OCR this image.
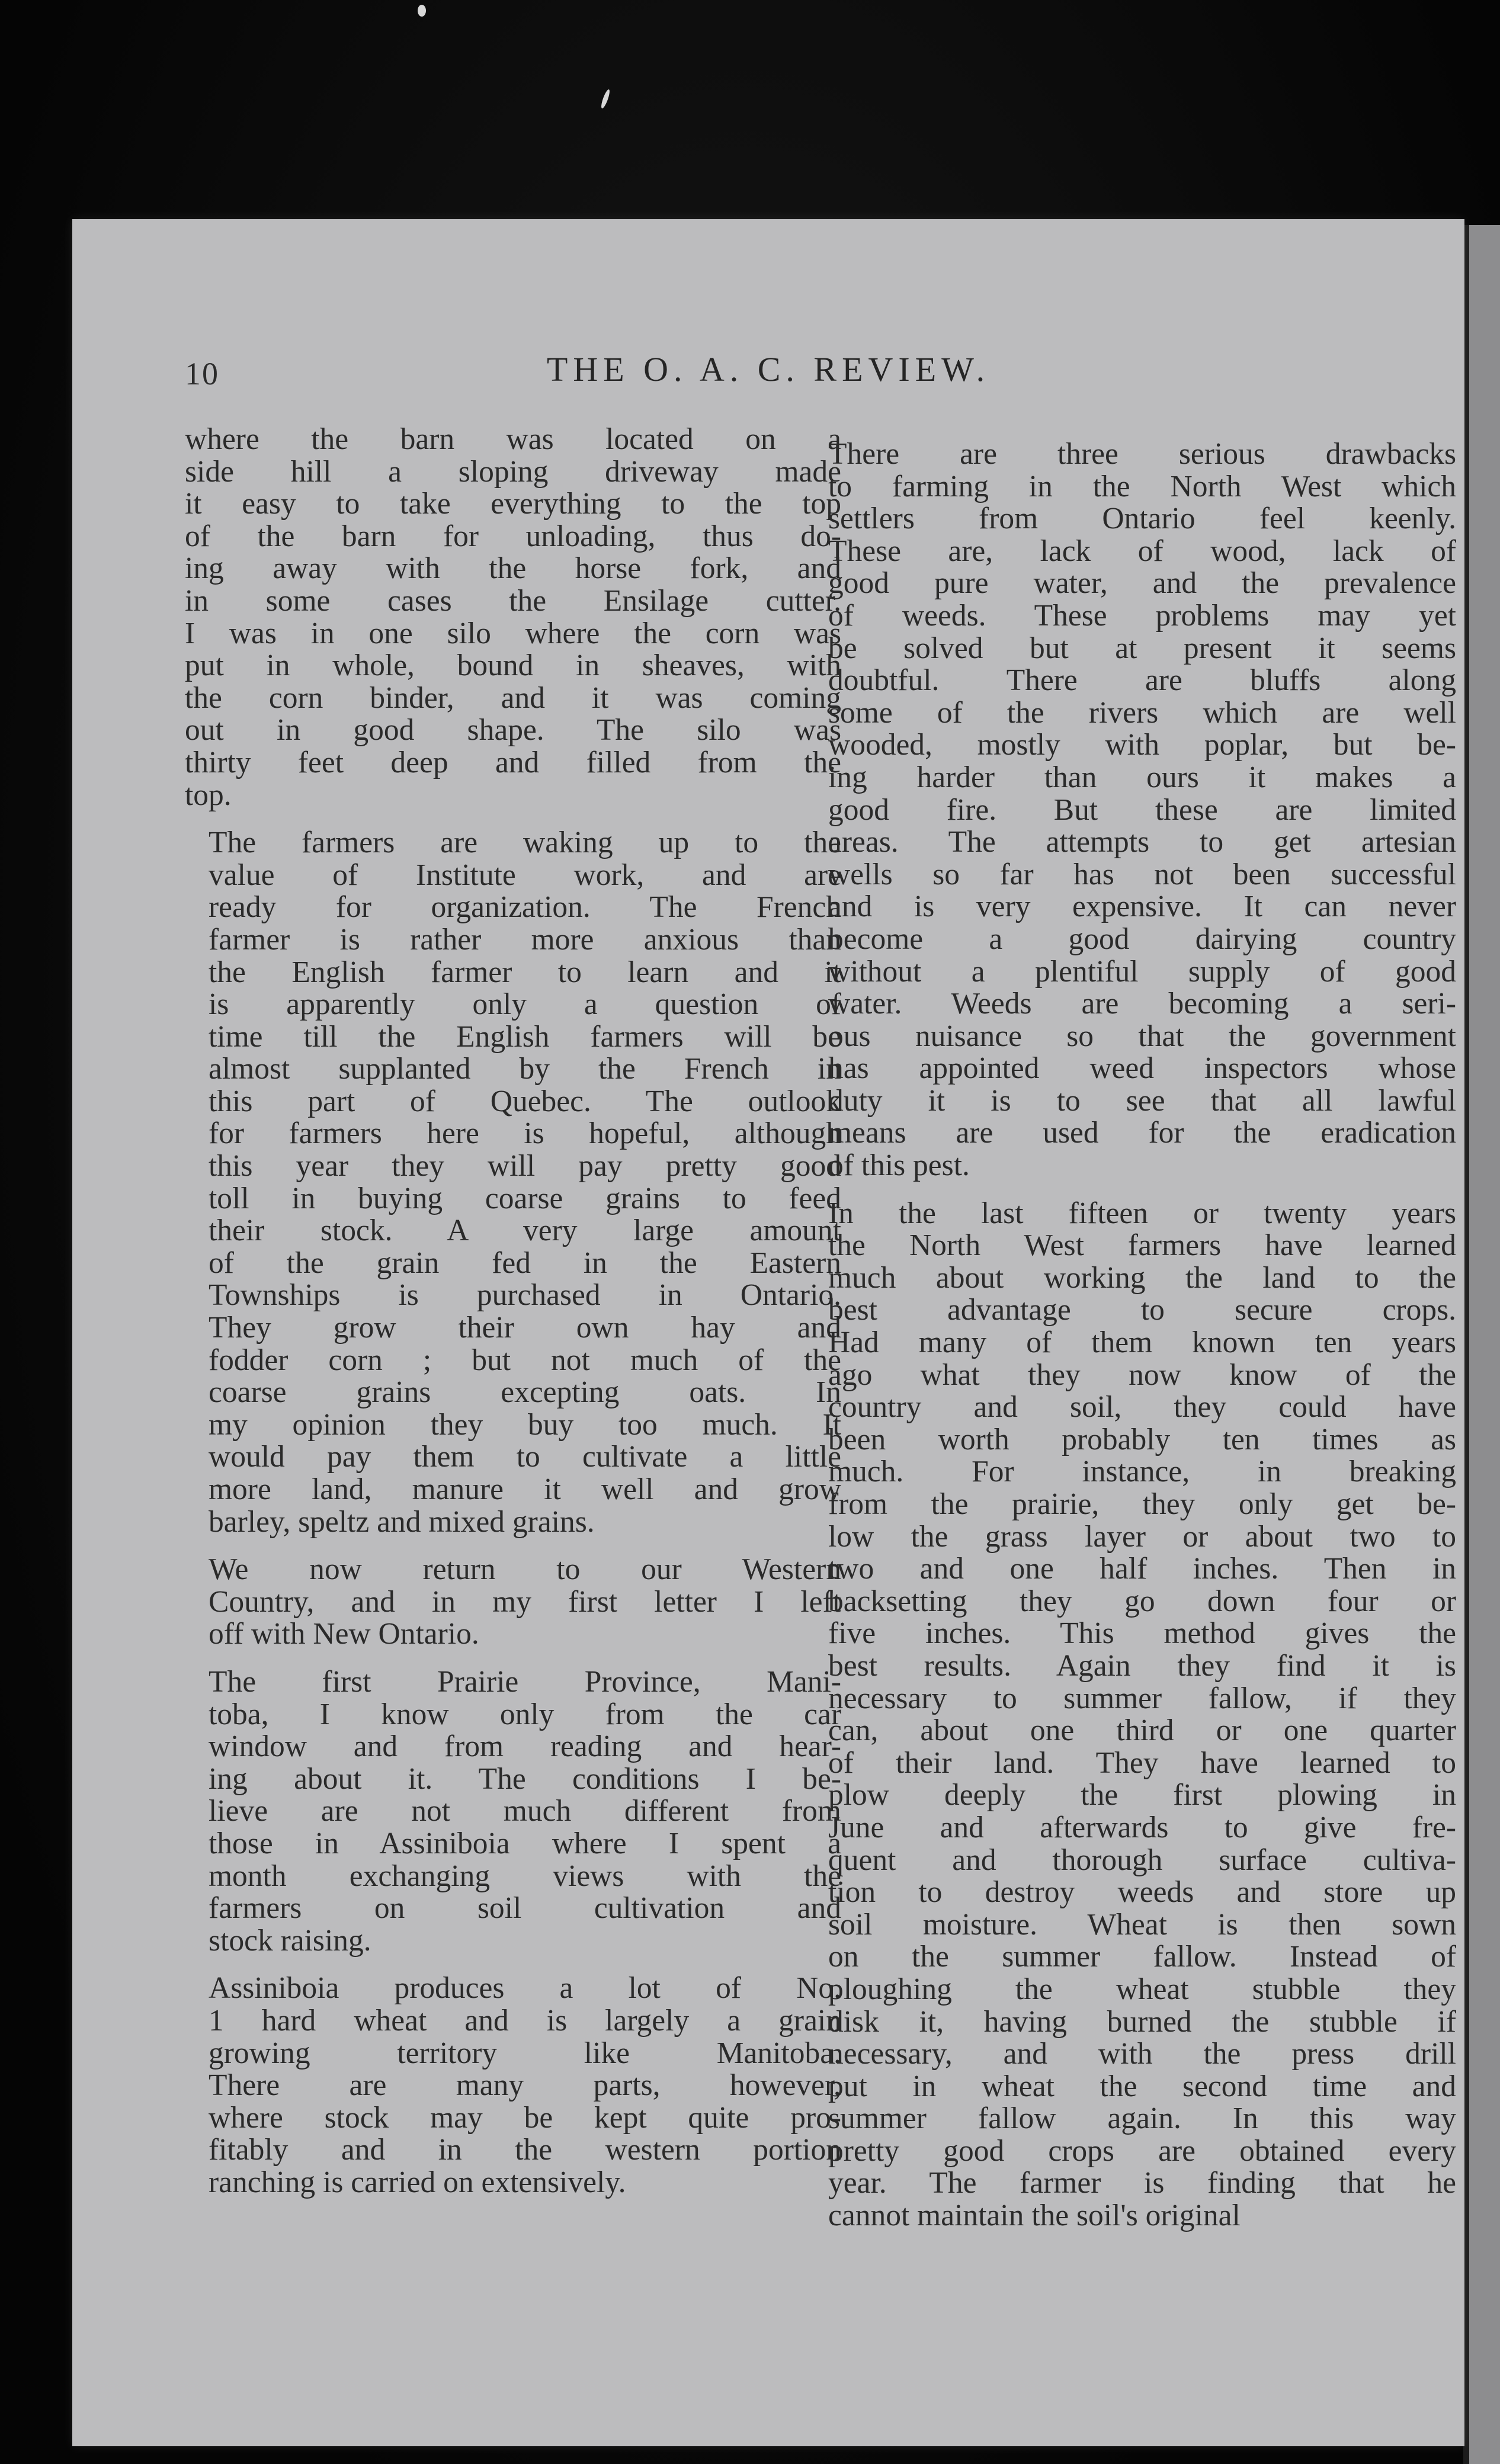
10	THE O. A. C. REVIEW.

where the barn was located on a
side hill a sloping driveway made
it easy to take everything to the top
of the barn for unloading, thus do-
ing away with the horse fork, and
in some cases the Ensilage cutter.
I was in one silo where the corn was
put in whole, bound in sheaves, with
the corn binder, and it was coming
out in good shape. The silo was
thirty feet deep and filled from the
top.

The farmers are waking up to the
value of Institute work, and are
ready for organization. The French
farmer is rather more anxious than
the English farmer to learn and it
is apparently only a question of
time till the English farmers will be
almost supplanted by the French in
this part of Quebec. The outlook
for farmers here is hopeful, although
this year they will pay pretty good
toll in buying coarse grains to feed
their stock. A very large amount
of the grain fed in the Eastern
Townships is purchased in Ontario.
They grow their own hay and
fodder corn ; but not much of the
coarse grains excepting oats. In
my opinion they buy too much. It
would pay them to cultivate a little
more land, manure it well and grow
barley, speltz and mixed grains.

We now return to our Western
Country, and in my first letter I left
off with New Ontario.

The first Prairie Province, Mani-
toba, I know only from the car
window and from reading and hear-
ing about it. The conditions I be-
lieve are not much different from
those in Assiniboia where I spent a
month exchanging views with the
farmers on soil cultivation and
stock raising.

Assiniboia produces a lot of No.
1 hard wheat and is largely a grain
growing territory like Manitoba.
There are many parts, however,
where stock may be kept quite pro-
fitably and in the western portion
ranching is carried on extensively.

There are three serious drawbacks
to farming in the North West which
settlers from Ontario feel keenly.
These are, lack of wood, lack of
good pure water, and the prevalence
of weeds. These problems may yet
be solved but at present it seems
doubtful. There are bluffs along
some of the rivers which are well
wooded, mostly with poplar, but be-
ing harder than ours it makes a
good fire. But these are limited
areas. The attempts to get artesian
wells so far has not been successful
and is very expensive. It can never
become a good dairying country
without a plentiful supply of good
water. Weeds are becoming a seri-
ous nuisance so that the government
has appointed weed inspectors whose
duty it is to see that all lawful
means are used for the eradication
of this pest.

In the last fifteen or twenty years
the North West farmers have learned
much about working the land to the
best advantage to secure crops.
Had many of them known ten years
ago what they now know of the
country and soil, they could have
been worth probably ten times as
much. For instance, in breaking
from the prairie, they only get be-
low the grass layer or about two to
two and one half inches. Then in
backsetting they go down four or
five inches. This method gives the
best results. Again they find it is
necessary to summer fallow, if they
can, about one third or one quarter
of their land. They have learned to
plow deeply the first plowing in
June and afterwards to give fre-
quent and thorough surface cultiva-
tion to destroy weeds and store up
soil moisture. Wheat is then sown
on the summer fallow. Instead of
ploughing the wheat stubble they
disk it, having burned the stubble if
necessary, and with the press drill
put in wheat the second time and
summer fallow again. In this way
pretty good crops are obtained every
year. The farmer is finding that he
cannot maintain the soil's original
